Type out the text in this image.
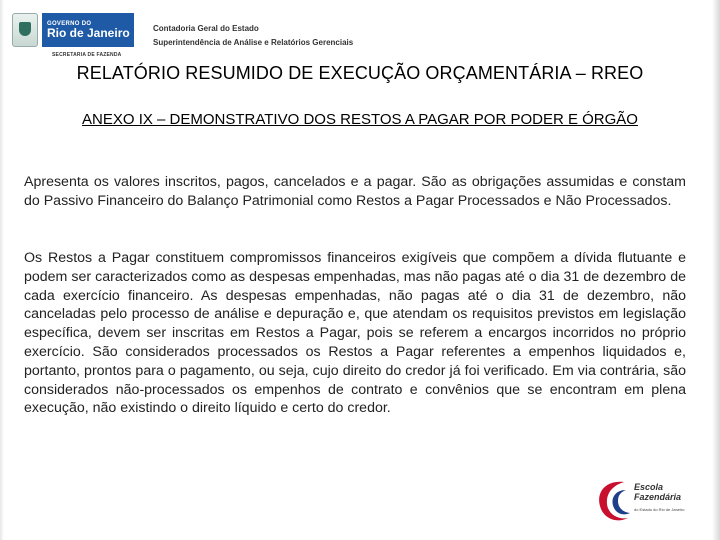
GOVERNO DO
Rio de Janeiro
SECRETARIA DE FAZENDA
Contadoria Geral do Estado
Superintendência de Análise e Relatórios Gerenciais
RELATÓRIO RESUMIDO DE EXECUÇÃO ORÇAMENTÁRIA – RREO
ANEXO IX – DEMONSTRATIVO DOS RESTOS A PAGAR POR PODER E ÓRGÃO

Apresenta os valores inscritos, pagos, cancelados e a pagar. São as obrigações assumidas e constam do Passivo Financeiro do Balanço Patrimonial como Restos a Pagar Processados e Não Processados.

Os Restos a Pagar constituem compromissos financeiros exigíveis que compõem a dívida flutuante e podem ser caracterizados como as despesas empenhadas, mas não pagas até o dia 31 de dezembro de cada exercício financeiro. As despesas empenhadas, não pagas até o dia 31 de dezembro, não canceladas pelo processo de análise e depuração e, que atendam os requisitos previstos em legislação específica, devem ser inscritas em Restos a Pagar, pois se referem a encargos incorridos no próprio exercício. São considerados processados os Restos a Pagar referentes a empenhos liquidados e, portanto, prontos para o pagamento, ou seja, cujo direito do credor já foi verificado. Em via contrária, são considerados não-processados os empenhos de contrato e convênios que se encontram em plena execução, não existindo o direito líquido e certo do credor.

Escola
Fazendária
do Estado do Rio de Janeiro
